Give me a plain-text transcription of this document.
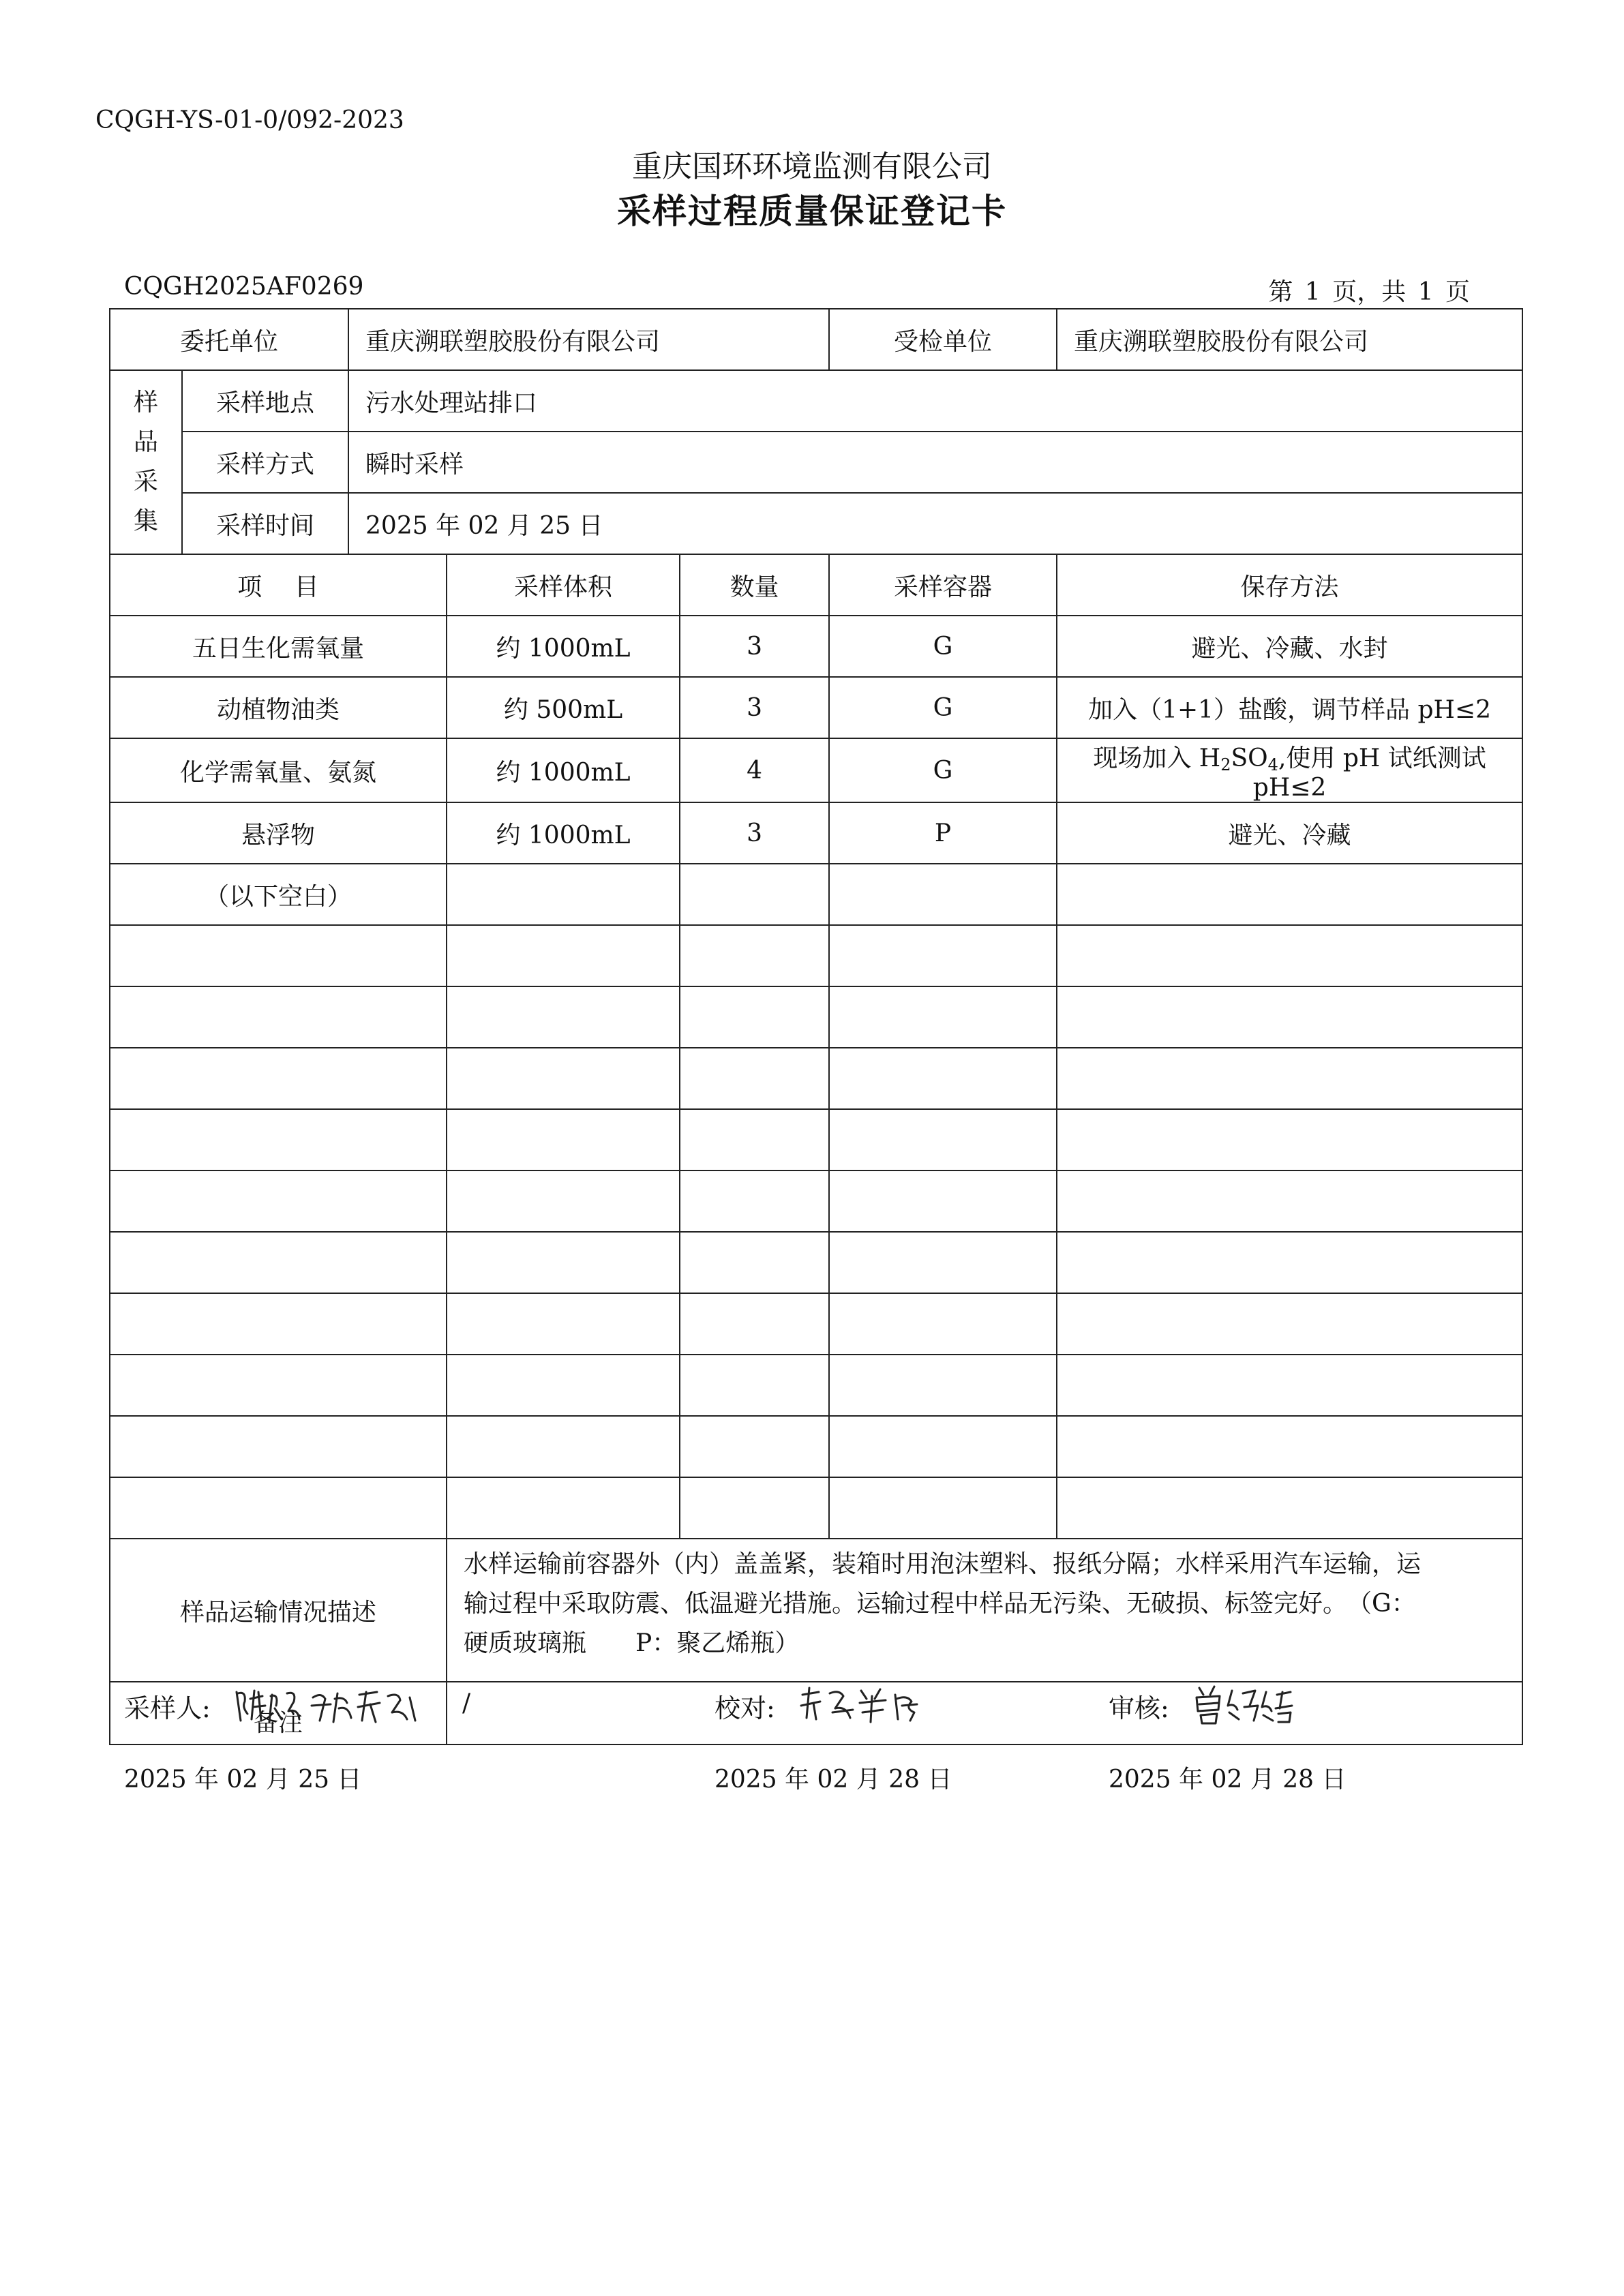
CQGH-YS-01-0/092-2023
重庆国环环境监测有限公司
采样过程质量保证登记卡
CQGH2025AF0269	第 1 页，共 1 页
委托单位		重庆溯联塑胶股份有限公司			受检单位	重庆溯联塑胶股份有限公司

样
品
采
集	采样地点	污水处理站排口				
	采样方式	瞬时采样				
	采样时间	2025 年 02 月 25 日				
项　 目			采样体积	数量	采样容器	保存方法
五日生化需氧量			约 1000mL	3	G	避光、冷藏、水封
动植物油类			约 500mL	3	G	加入（1+1）盐酸，调节样品 pH≤2
化学需氧量、氨氮			约 1000mL	4	G	现场加入 $H_2SO_4$,使用 pH 试纸测试 pH≤2
悬浮物			约 1000mL	3	P	避光、冷藏
（以下空白）						

样品运输情况描述			水样运输前容器外（内）盖盖紧，装箱时用泡沫塑料、报纸分隔；水样采用汽车运输，运
输过程中采取防震、低温避光措施。运输过程中样品无污染、无破损、标签完好。　（G：
硬质玻璃瓶　　P：聚乙烯瓶）			

备注			/			
采样人:	校对:	审核:
2025 年 02 月 25 日	2025 年 02 月 28 日	2025 年 02 月 28 日
